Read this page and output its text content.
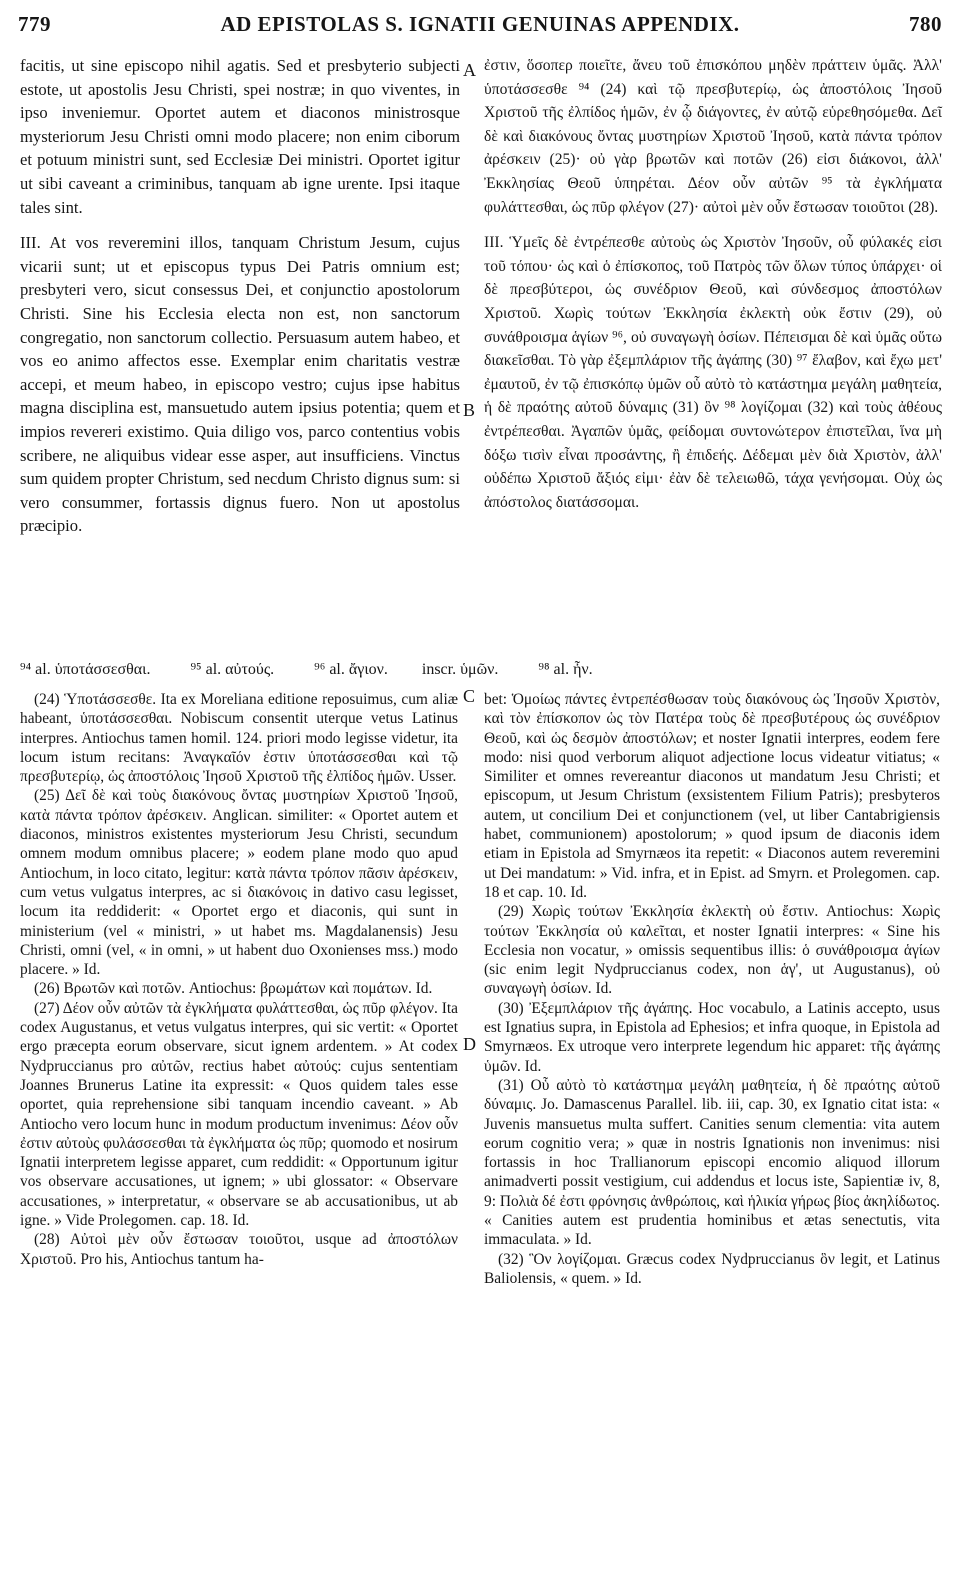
779	AD EPISTOLAS S. IGNATII GENUINAS APPENDIX.	780
A
B
C
D

facitis, ut sine episcopo nihil agatis. Sed et presbyterio subjecti estote, ut apostolis Jesu Christi, spei nostræ; in quo viventes, in ipso inveniemur. Oportet autem et diaconos ministrosque mysteriorum Jesu Christi omni modo placere; non enim ciborum et potuum ministri sunt, sed Ecclesiæ Dei ministri. Oportet igitur ut sibi caveant a criminibus, tanquam ab igne urente. Ipsi itaque tales sint.

III. At vos reveremini illos, tanquam Christum Jesum, cujus vicarii sunt; ut et episcopus typus Dei Patris omnium est; presbyteri vero, sicut consessus Dei, et conjunctio apostolorum Christi. Sine his Ecclesia electa non est, non sanctorum congregatio, non sanctorum collectio. Persuasum autem habeo, et vos eo animo affectos esse. Exemplar enim charitatis vestræ accepi, et meum habeo, in episcopo vestro; cujus ipse habitus magna disciplina est, mansuetudo autem ipsius potentia; quem et impios revereri existimo. Quia diligo vos, parco contentius vobis scribere, ne aliquibus videar esse asper, aut insufficiens. Vinctus sum quidem propter Christum, sed necdum Christo dignus sum: si vero consummer, fortassis dignus fuero. Non ut apostolus præcipio.

ἐστιν, ὅσοπερ ποιεῖτε, ἄνευ τοῦ ἐπισκόπου μηδὲν πράττειν ὑμᾶς. Ἀλλ' ὑποτάσσεσθε ⁹⁴ (24) καὶ τῷ πρεσβυτερίῳ, ὡς ἀποστόλοις Ἰησοῦ Χριστοῦ τῆς ἐλπίδος ἡμῶν, ἐν ᾧ διάγοντες, ἐν αὐτῷ εὑρεθησόμεθα. Δεῖ δὲ καὶ διακόνους ὄντας μυστηρίων Χριστοῦ Ἰησοῦ, κατὰ πάντα τρόπον ἀρέσκειν (25)· οὐ γὰρ βρωτῶν καὶ ποτῶν (26) εἰσι διάκονοι, ἀλλ' Ἐκκλησίας Θεοῦ ὑπηρέται. Δέον οὖν αὐτῶν ⁹⁵ τὰ ἐγκλήματα φυλάττεσθαι, ὡς πῦρ φλέγον (27)· αὐτοὶ μὲν οὖν ἔστωσαν τοιοῦτοι (28).

III. Ὑμεῖς δὲ ἐντρέπεσθε αὐτοὺς ὡς Χριστὸν Ἰησοῦν, οὗ φύλακές εἰσι τοῦ τόπου· ὡς καὶ ὁ ἐπίσκοπος, τοῦ Πατρὸς τῶν ὅλων τύπος ὑπάρχει· οἱ δὲ πρεσβύτεροι, ὡς συνέδριον Θεοῦ, καὶ σύνδεσμος ἀποστόλων Χριστοῦ. Χωρὶς τούτων Ἐκκλησία ἐκλεκτὴ οὐκ ἔστιν (29), οὐ συνάθροισμα ἁγίων ⁹⁶, οὐ συναγωγὴ ὁσίων. Πέπεισμαι δὲ καὶ ὑμᾶς οὕτω διακεῖσθαι. Τὸ γὰρ ἐξεμπλάριον τῆς ἀγάπης (30) ⁹⁷ ἔλαβον, καὶ ἔχω μετ' ἐμαυτοῦ, ἐν τῷ ἐπισκόπῳ ὑμῶν οὗ αὐτὸ τὸ κατάστημα μεγάλη μαθητεία, ἡ δὲ πραότης αὐτοῦ δύναμις (31) ὃν ⁹⁸ λογίζομαι (32) καὶ τοὺς ἀθέους ἐντρέπεσθαι. Ἀγαπῶν ὑμᾶς, φείδομαι συντονώτερον ἐπιστεῖλαι, ἵνα μὴ δόξω τισὶν εἶναι προσάντης, ἢ ἐπιδεής. Δέδεμαι μὲν διὰ Χριστὸν, ἀλλ' οὐδέπω Χριστοῦ ἄξιός εἰμι· ἐὰν δὲ τελειωθῶ, τάχα γενήσομαι. Οὐχ ὡς ἀπόστολος διατάσσομαι.

⁹⁴ al. ὑποτάσσεσθαι.	⁹⁵ al. αὐτούς.	⁹⁶ al. ἄγιον. inscr. ὑμῶν.	⁹⁸ al. ἦν.

(24) Ὑποτάσσεσθε. Ita ex Moreliana editione reposuimus, cum aliæ habeant, ὑποτάσσεσθαι. Nobiscum consentit uterque vetus Latinus interpres. Antiochus tamen homil. 124. priori modo legisse videtur, ita locum istum recitans: Ἀναγκαῖόν ἐστιν ὑποτάσσεσθαι καὶ τῷ πρεσβυτερίῳ, ὡς ἀποστόλοις Ἰησοῦ Χριστοῦ τῆς ἐλπίδος ἡμῶν. Usser.

(25) Δεῖ δὲ καὶ τοὺς διακόνους ὄντας μυστηρίων Χριστοῦ Ἰησοῦ, κατὰ πάντα τρόπον ἀρέσκειν. Anglican. similiter: « Oportet autem et diaconos, ministros existentes mysteriorum Jesu Christi, secundum omnem modum omnibus placere; » eodem plane modo quo apud Antiochum, in loco citato, legitur: κατὰ πάντα τρόπον πᾶσιν ἀρέσκειν, cum vetus vulgatus interpres, ac si διακόνοις in dativo casu legisset, locum ita reddiderit: « Oportet ergo et diaconis, qui sunt in ministerium (vel « ministri, » ut habet ms. Magdalanensis) Jesu Christi, omni (vel, « in omni, » ut habent duo Oxonienses mss.) modo placere. » Id.

(26) Βρωτῶν καὶ ποτῶν. Antiochus: βρωμάτων καὶ πομάτων. Id.

(27) Δέον οὖν αὐτῶν τὰ ἐγκλήματα φυλάττεσθαι, ὡς πῦρ φλέγον. Ita codex Augustanus, et vetus vulgatus interpres, qui sic vertit: « Oportet ergo præcepta eorum observare, sicut ignem ardentem. » At codex Nydpruccianus pro αὐτῶν, rectius habet αὐτούς: cujus sententiam Joannes Brunerus Latine ita expressit: « Quos quidem tales esse oportet, quia reprehensione sibi tanquam incendio caveant. » Ab Antiocho vero locum hunc in modum productum invenimus: Δέον οὖν ἐστιν αὐτοὺς φυλάσσεσθαι τὰ ἐγκλήματα ὡς πῦρ; quomodo et nosirum Ignatii interpretem legisse apparet, cum reddidit: « Opportunum igitur vos observare accusationes, ut ignem; » ubi glossator: « Observare accusationes, » interpretatur, « observare se ab accusationibus, ut ab igne. » Vide Prolegomen. cap. 18. Id.

(28) Αὐτοὶ μὲν οὖν ἔστωσαν τοιοῦτοι, usque ad ἀποστόλων Χριστοῦ. Pro his, Antiochus tantum ha-

bet: Ὁμοίως πάντες ἐντρεπέσθωσαν τοὺς διακόνους ὡς Ἰησοῦν Χριστὸν, καὶ τὸν ἐπίσκοπον ὡς τὸν Πατέρα τοὺς δὲ πρεσβυτέρους ὡς συνέδριον Θεοῦ, καὶ ὡς δεσμὸν ἀποστόλων; et noster Ignatii interpres, eodem fere modo: nisi quod verborum aliquot adjectione locus videatur vitiatus; « Similiter et omnes revereantur diaconos ut mandatum Jesu Christi; et episcopum, ut Jesum Christum (exsistentem Filium Patris); presbyteros autem, ut concilium Dei et conjunctionem (vel, ut liber Cantabrigiensis habet, communionem) apostolorum; » quod ipsum de diaconis idem etiam in Epistola ad Smyrnæos ita repetit: « Diaconos autem reveremini ut Dei mandatum: » Vid. infra, et in Epist. ad Smyrn. et Prolegomen. cap. 18 et cap. 10. Id.

(29) Χωρὶς τούτων Ἐκκλησία ἐκλεκτὴ οὐ ἔστιν. Antiochus: Χωρὶς τούτων Ἐκκλησία οὐ καλεῖται, et noster Ignatii interpres: « Sine his Ecclesia non vocatur, » omissis sequentibus illis: ὁ συνάθροισμα ἁγίων (sic enim legit Nydpruccianus codex, non ἁγ', ut Augustanus), οὐ συναγωγὴ ὁσίων. Id.

(30) Ἐξεμπλάριον τῆς ἀγάπης. Hoc vocabulo, a Latinis accepto, usus est Ignatius supra, in Epistola ad Ephesios; et infra quoque, in Epistola ad Smyrnæos. Ex utroque vero interprete legendum hic apparet: τῆς ἀγάπης ὑμῶν. Id.

(31) Οὗ αὐτὸ τὸ κατάστημα μεγάλη μαθητεία, ἡ δὲ πραότης αὐτοῦ δύναμις. Jo. Damascenus Parallel. lib. iii, cap. 30, ex Ignatio citat ista: « Juvenis mansuetus multa suffert. Canities senum clementia: vita autem eorum cognitio vera; » quæ in nostris Ignationis non invenimus: nisi fortassis in hoc Trallianorum episcopi encomio aliquod illorum animadverti possit vestigium, cui addendus et locus iste, Sapientiæ iv, 8, 9: Πολιὰ δέ ἐστι φρόνησις ἀνθρώποις, καὶ ἡλικία γήρως βίος ἀκηλίδωτος. « Canities autem est prudentia hominibus et ætas senectutis, vita immaculata. » Id.

(32) Ὃν λογίζομαι. Græcus codex Nydpruccianus ὃν legit, et Latinus Baliolensis, « quem. » Id.
